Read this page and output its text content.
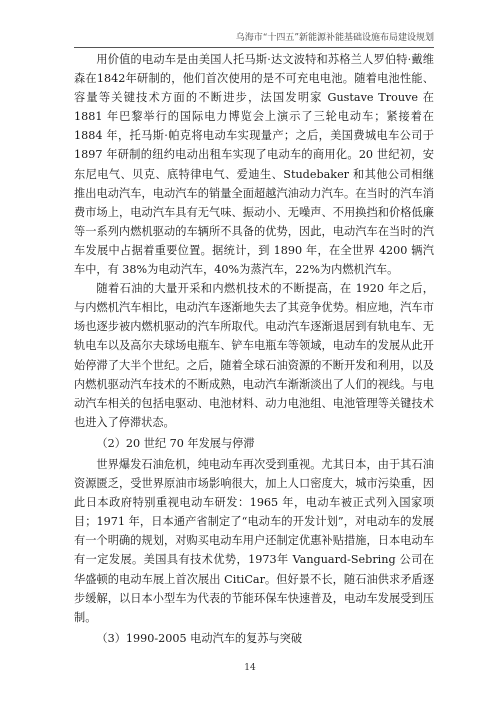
乌海市“十四五”新能源补能基础设施布局建设规划

用价值的电动车是由美国人托马斯·达文波特和苏格兰人罗伯特·戴维森在1842年研制的，他们首次使用的是不可充电电池。随着电池性能、容量等关键技术方面的不断进步，法国发明家 Gustave Trouve 在 1881 年巴黎举行的国际电力博览会上演示了三轮电动车；紧接着在 1884 年，托马斯·帕克将电动车实现量产；之后，美国费城电车公司于 1897 年研制的纽约电动出租车实现了电动车的商用化。20 世纪初，安东尼电气、贝克、底特律电气、爱迪生、Studebaker 和其他公司相继推出电动汽车，电动汽车的销量全面超越汽油动力汽车。在当时的汽车消费市场上，电动汽车具有无气味、振动小、无噪声、不用换挡和价格低廉等一系列内燃机驱动的车辆所不具备的优势，因此，电动汽车在当时的汽车发展中占据着重要位置。据统计，到 1890 年，在全世界 4200 辆汽车中，有 38%为电动汽车，40%为蒸汽车，22%为内燃机汽车。

随着石油的大量开采和内燃机技术的不断提高，在 1920 年之后，与内燃机汽车相比，电动汽车逐渐地失去了其竞争优势。相应地，汽车市场也逐步被内燃机驱动的汽车所取代。电动汽车逐渐退居到有轨电车、无轨电车以及高尔夫球场电瓶车、铲车电瓶车等领域，电动车的发展从此开始停滞了大半个世纪。之后，随着全球石油资源的不断开发和利用，以及内燃机驱动汽车技术的不断成熟，电动汽车渐渐淡出了人们的视线。与电动汽车相关的包括电驱动、电池材料、动力电池组、电池管理等关键技术也进入了停滞状态。

（2）20 世纪 70 年发展与停滞

世界爆发石油危机，纯电动车再次受到重视。尤其日本，由于其石油资源匮乏，受世界原油市场影响很大，加上人口密度大，城市污染重，因此日本政府特别重视电动车研发：1965 年，电动车被正式列入国家项目；1971 年，日本通产省制定了“电动车的开发计划”，对电动车的发展有一个明确的规划，对购买电动车用户还制定优惠补贴措施，日本电动车有一定发展。美国具有技术优势，1973年 Vanguard-Sebring 公司在华盛顿的电动车展上首次展出 CitiCar。但好景不长，随石油供求矛盾逐步缓解，以日本小型车为代表的节能环保车快速普及，电动车发展受到压制。

（3）1990-2005 电动汽车的复苏与突破

14
